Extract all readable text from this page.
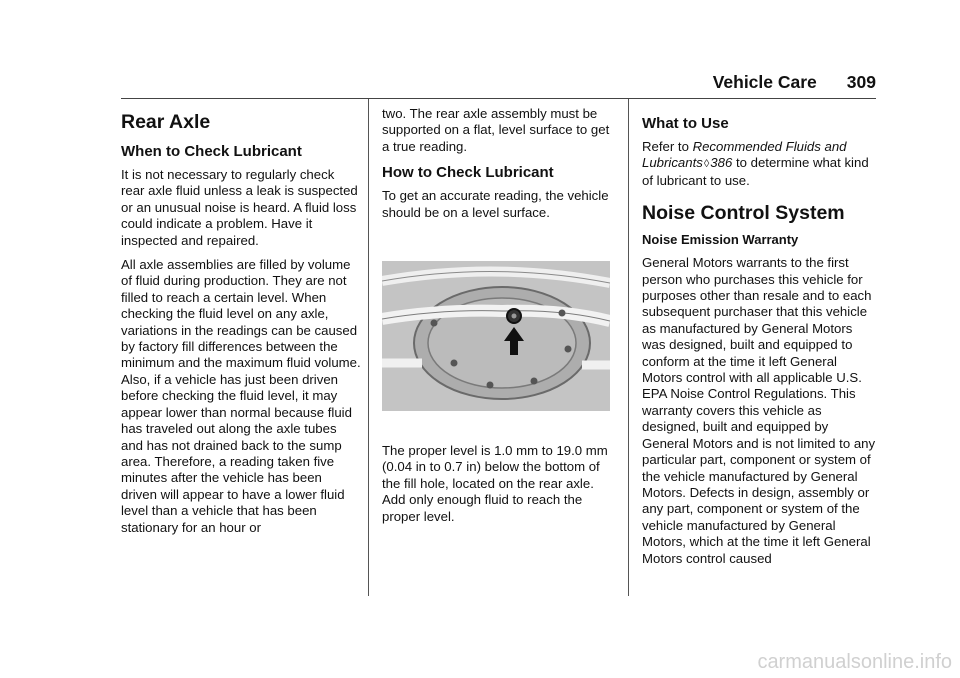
Vehicle Care 309
Rear Axle
When to Check Lubricant

It is not necessary to regularly check rear axle fluid unless a leak is suspected or an unusual noise is heard. A fluid loss could indicate a problem. Have it inspected and repaired.

All axle assemblies are filled by volume of fluid during production. They are not filled to reach a certain level. When checking the fluid level on any axle, variations in the readings can be caused by factory fill differences between the minimum and the maximum fluid volume. Also, if a vehicle has just been driven before checking the fluid level, it may appear lower than normal because fluid has traveled out along the axle tubes and has not drained back to the sump area. Therefore, a reading taken five minutes after the vehicle has been driven will appear to have a lower fluid level than a vehicle that has been stationary for an hour or

two. The rear axle assembly must be supported on a flat, level surface to get a true reading.

How to Check Lubricant

To get an accurate reading, the vehicle should be on a level surface.

The proper level is 1.0 mm to 19.0 mm (0.04 in to 0.7 in) below the bottom of the fill hole, located on the rear axle. Add only enough fluid to reach the proper level.

What to Use

Refer to Recommended Fluids and Lubricants◊386 to determine what kind of lubricant to use.

Noise Control System
Noise Emission Warranty

General Motors warrants to the first person who purchases this vehicle for purposes other than resale and to each subsequent purchaser that this vehicle as manufactured by General Motors was designed, built and equipped to conform at the time it left General Motors control with all applicable U.S. EPA Noise Control Regulations. This warranty covers this vehicle as designed, built and equipped by General Motors and is not limited to any particular part, component or system of the vehicle manufactured by General Motors. Defects in design, assembly or any part, component or system of the vehicle manufactured by General Motors, which at the time it left General Motors control caused

carmanualsonline.info
